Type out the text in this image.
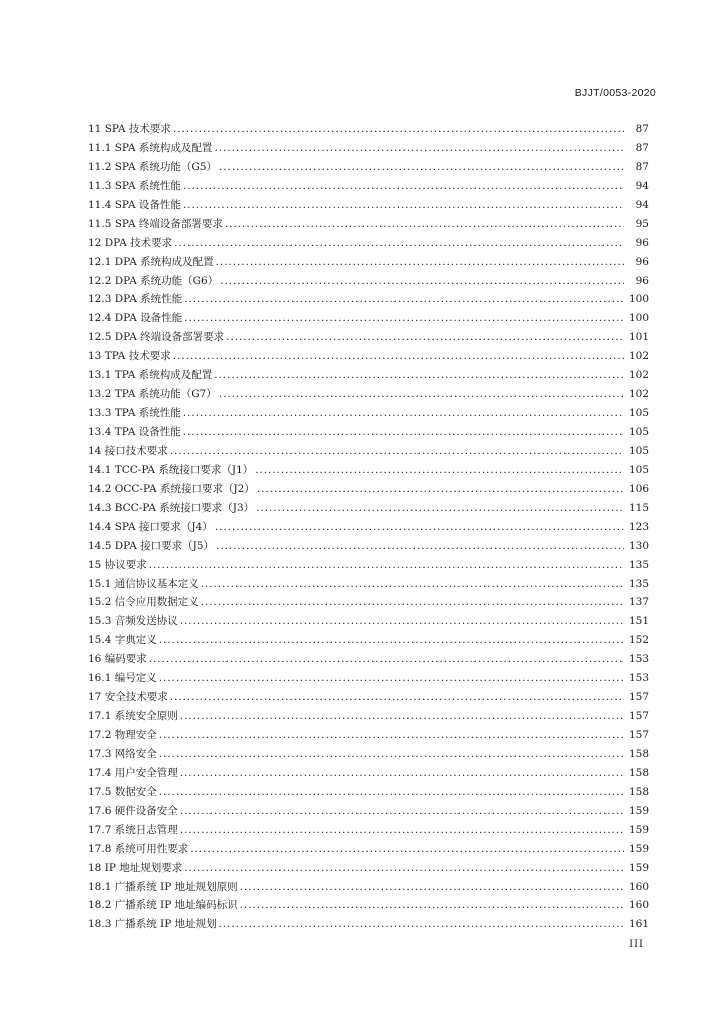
BJJT/0053-2020
11 SPA 技术要求 . . .	87
11.1 SPA 系统构成及配置 . . .	87
11.2 SPA 系统功能（G5） . . .	87
11.3 SPA 系统性能 . . .	94
11.4 SPA 设备性能 . . .	94
11.5 SPA 终端设备部署要求 . . .	95
12 DPA 技术要求 . . .	96
12.1 DPA 系统构成及配置 . . .	96
12.2 DPA 系统功能（G6） . . .	96
12.3 DPA 系统性能 . . .	100
12.4 DPA 设备性能 . . .	100
12.5 DPA 终端设备部署要求 . . .	101
13 TPA 技术要求 . . .	102
13.1 TPA 系统构成及配置 . . .	102
13.2 TPA 系统功能（G7） . . .	102
13.3 TPA 系统性能 . . .	105
13.4 TPA 设备性能 . . .	105
14 接口技术要求 . . .	105
14.1 TCC-PA 系统接口要求（J1） . . .	105
14.2 OCC-PA 系统接口要求（J2） . . .	106
14.3 BCC-PA 系统接口要求（J3） . . .	115
14.4 SPA 接口要求（J4） . . .	123
14.5 DPA 接口要求（J5） . . .	130
15 协议要求 . . .	135
15.1 通信协议基本定义 . . .	135
15.2 信令应用数据定义 . . .	137
15.3 音频发送协议 . . .	151
15.4 字典定义 . . .	152
16 编码要求 . . .	153
16.1 编号定义 . . .	153
17 安全技术要求 . . .	157
17.1 系统安全原则 . . .	157
17.2 物理安全 . . .	157
17.3 网络安全 . . .	158
17.4 用户安全管理 . . .	158
17.5 数据安全 . . .	158
17.6 硬件设备安全 . . .	159
17.7 系统日志管理 . . .	159
17.8 系统可用性要求 . . .	159
18 IP 地址规划要求 . . .	159
18.1 广播系统 IP 地址规划原则 . . .	160
18.2 广播系统 IP 地址编码标识 . . .	160
18.3 广播系统 IP 地址规划 . . .	161
III
